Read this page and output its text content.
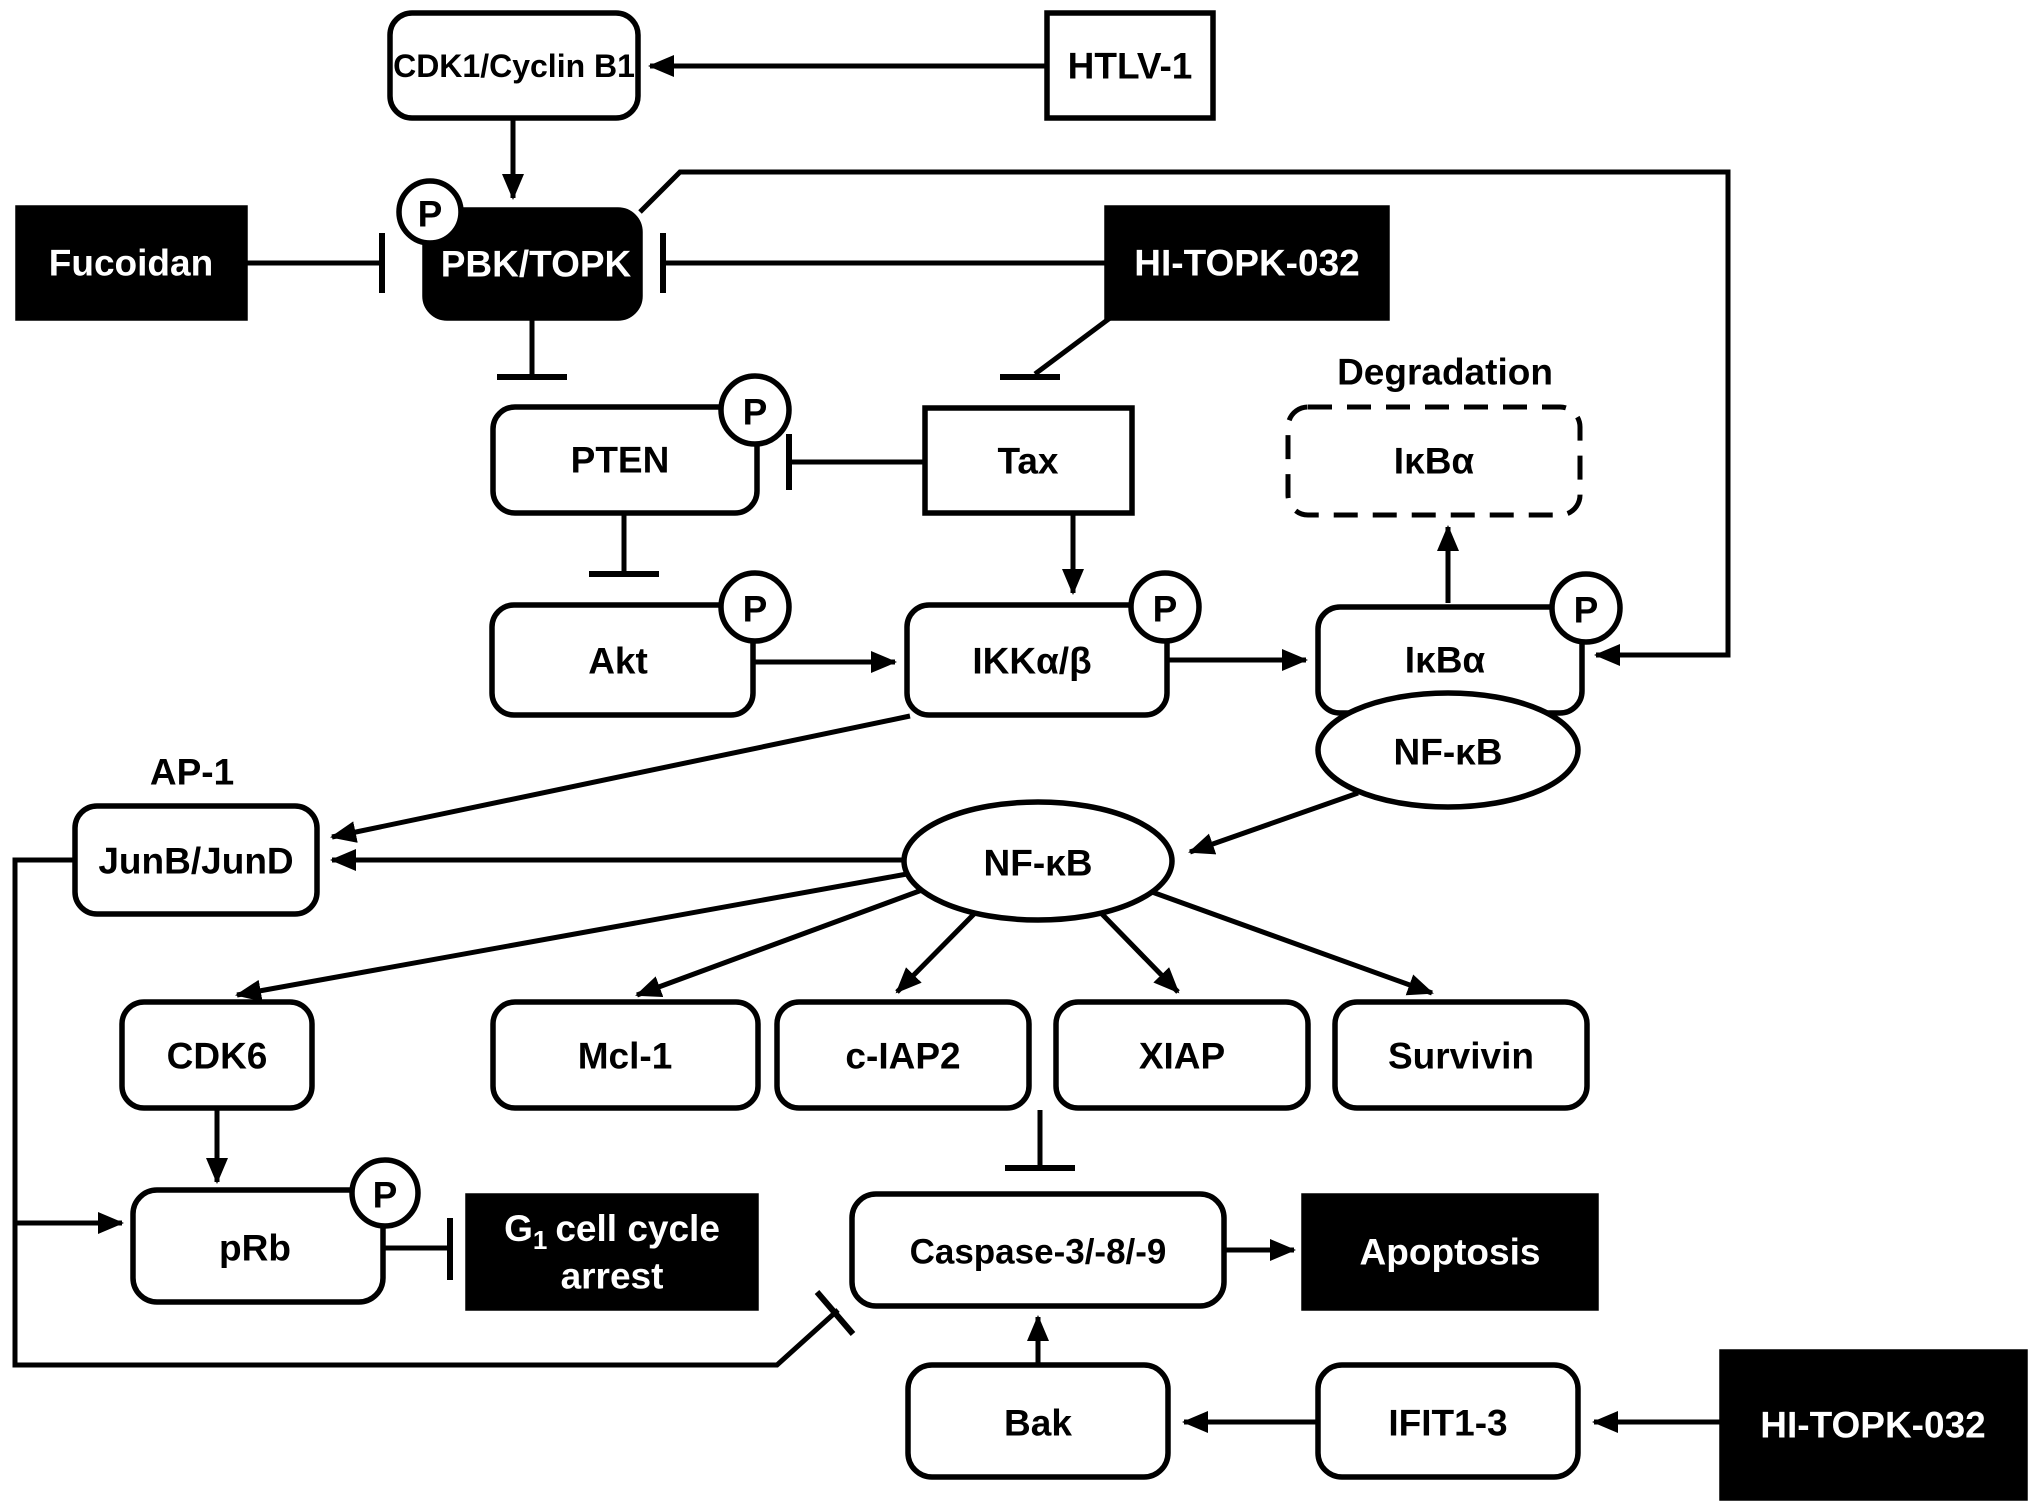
CDK1/Cyclin B1	HTLV-1
Fucoidan	PBK/TOPK
P
HI-TOPK-032
Degradation
IκBα
PTEN
P
Tax
Akt
P
IKKα/β
P
IκBα
P
NF-κB
NF-κB
AP-1
JunB/JunD
CDK6	Mcl-1	c-IAP2	XIAP	Survivin
pRb
P
$G_1$ cell cycle
arrest
Caspase-3/-8/-9	Apoptosis
Bak	IFIT1-3	HI-TOPK-032
